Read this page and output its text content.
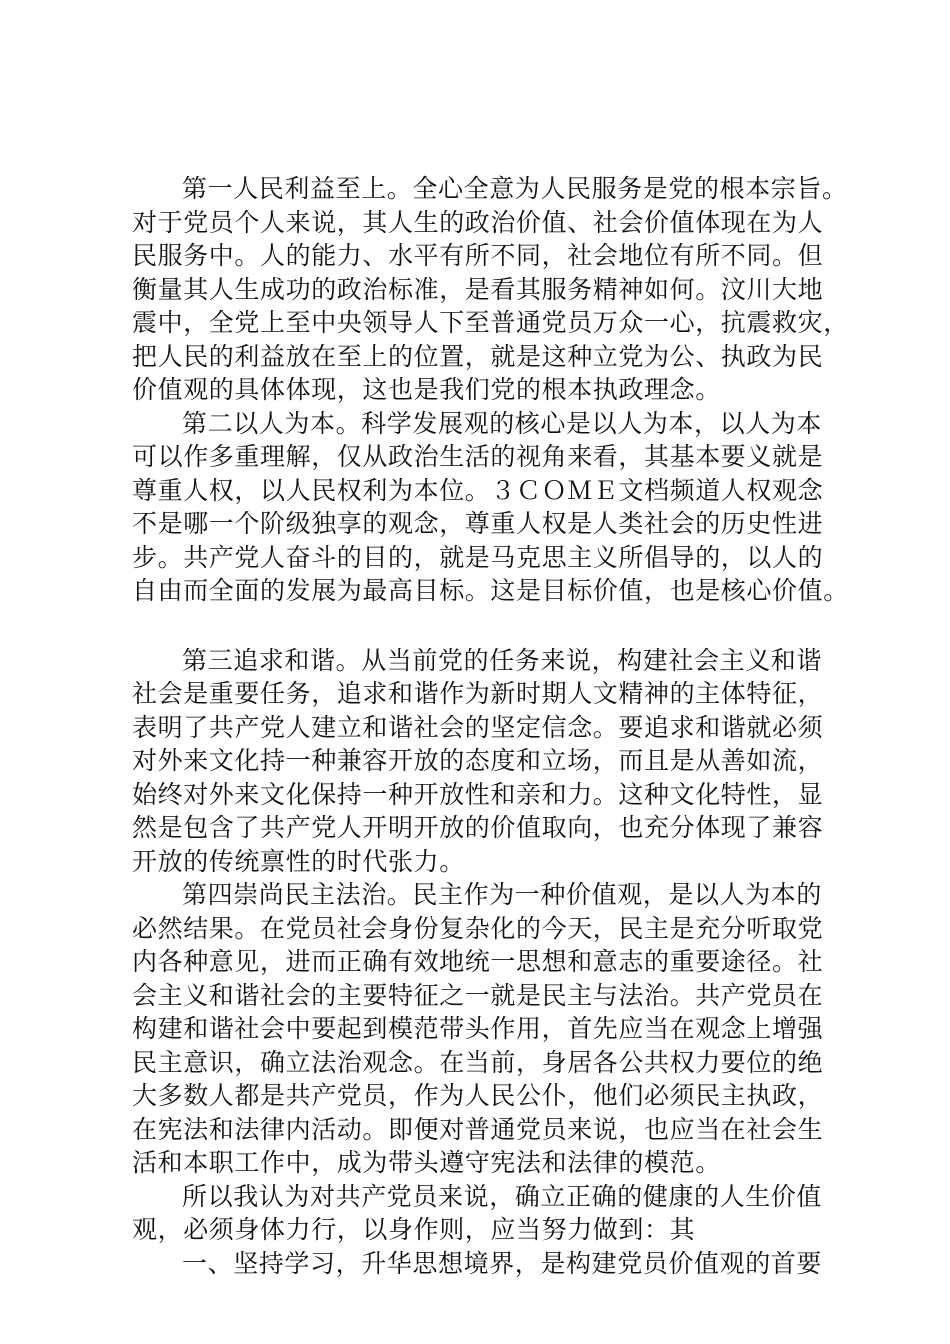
第一人民利益至上。全心全意为人民服务是党的根本宗旨。
对于党员个人来说，其人生的政治价值、社会价值体现在为人
民服务中。人的能力、水平有所不同，社会地位有所不同。但
衡量其人生成功的政治标准，是看其服务精神如何。汶川大地
震中，全党上至中央领导人下至普通党员万众一心，抗震救灾，
把人民的利益放在至上的位置，就是这种立党为公、执政为民
价值观的具体体现，这也是我们党的根本执政理念。
第二以人为本。科学发展观的核心是以人为本，以人为本
可以作多重理解，仅从政治生活的视角来看，其基本要义就是
尊重人权，以人民权利为本位。３ＣＯＭＥ文档频道人权观念
不是哪一个阶级独享的观念，尊重人权是人类社会的历史性进
步。共产党人奋斗的目的，就是马克思主义所倡导的，以人的
自由而全面的发展为最高目标。这是目标价值，也是核心价值。
第三追求和谐。从当前党的任务来说，构建社会主义和谐
社会是重要任务，追求和谐作为新时期人文精神的主体特征，
表明了共产党人建立和谐社会的坚定信念。要追求和谐就必须
对外来文化持一种兼容开放的态度和立场，而且是从善如流，
始终对外来文化保持一种开放性和亲和力。这种文化特性，显
然是包含了共产党人开明开放的价值取向，也充分体现了兼容
开放的传统禀性的时代张力。
第四崇尚民主法治。民主作为一种价值观，是以人为本的
必然结果。在党员社会身份复杂化的今天，民主是充分听取党
内各种意见，进而正确有效地统一思想和意志的重要途径。社
会主义和谐社会的主要特征之一就是民主与法治。共产党员在
构建和谐社会中要起到模范带头作用，首先应当在观念上增强
民主意识，确立法治观念。在当前，身居各公共权力要位的绝
大多数人都是共产党员，作为人民公仆，他们必须民主执政，
在宪法和法律内活动。即便对普通党员来说，也应当在社会生
活和本职工作中，成为带头遵守宪法和法律的模范。
所以我认为对共产党员来说，确立正确的健康的人生价值
观，必须身体力行，以身作则，应当努力做到：其
一、坚持学习，升华思想境界，是构建党员价值观的首要
